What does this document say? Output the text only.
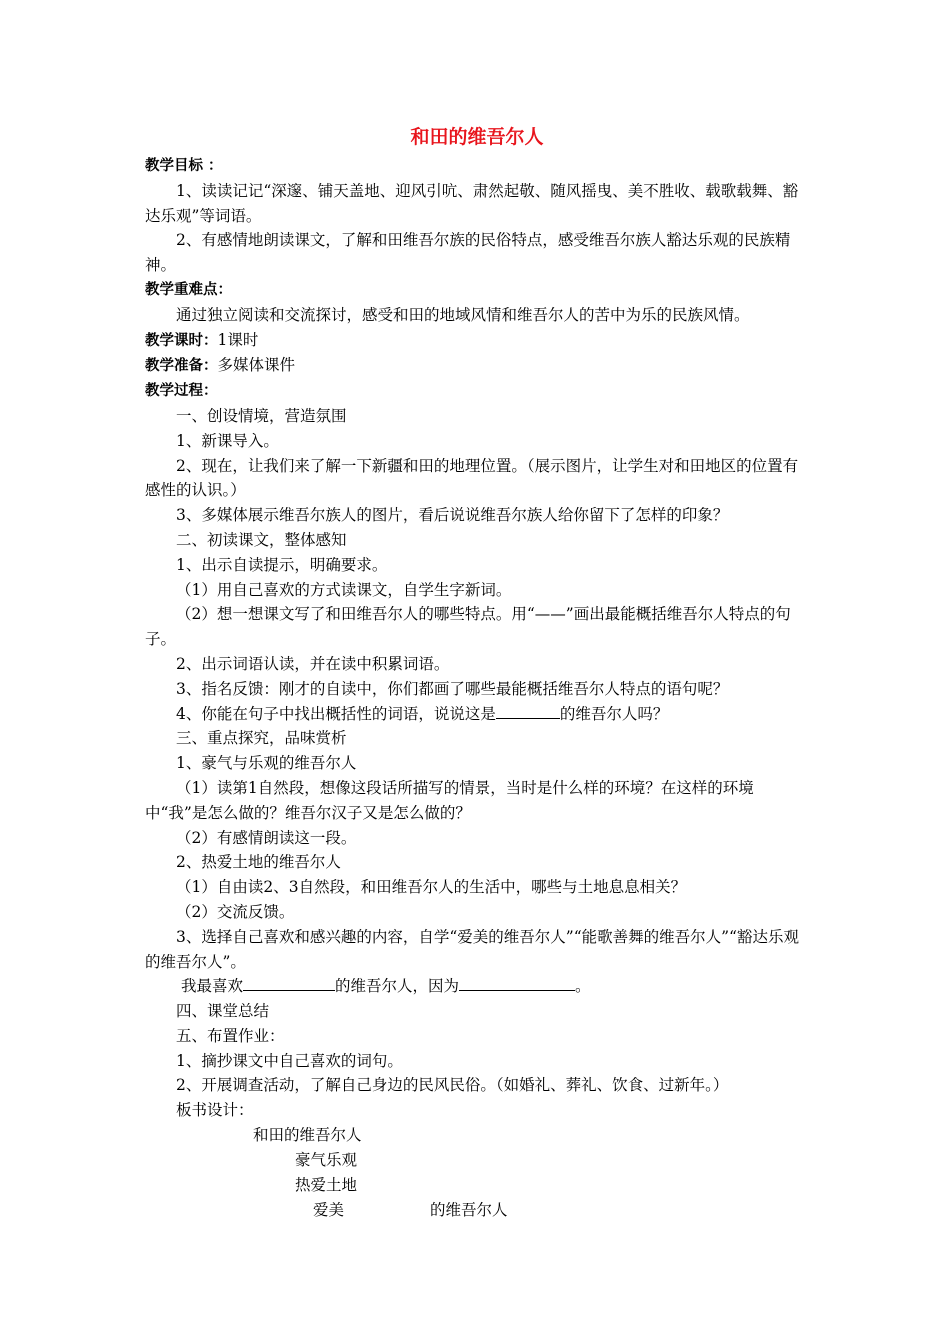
和田的维吾尔人

教学目标 ：

1、读读记记“深邃、铺天盖地、迎风引吭、肃然起敬、随风摇曳、美不胜收、载歌载舞、豁达乐观”等词语。

2、有感情地朗读课文，了解和田维吾尔族的民俗特点，感受维吾尔族人豁达乐观的民族精神。

教学重难点：

通过独立阅读和交流探讨，感受和田的地域风情和维吾尔人的苦中为乐的民族风情。

教学课时：1课时

教学准备：多媒体课件

教学过程：

一、创设情境，营造氛围

1、新课导入。

2、现在，让我们来了解一下新疆和田的地理位置。（展示图片，让学生对和田地区的位置有感性的认识。）

3、多媒体展示维吾尔族人的图片，看后说说维吾尔族人给你留下了怎样的印象？

二、初读课文，整体感知

1、出示自读提示，明确要求。

（1）用自己喜欢的方式读课文，自学生字新词。

（2）想一想课文写了和田维吾尔人的哪些特点。用“——”画出最能概括维吾尔人特点的句子。

2、出示词语认读，并在读中积累词语。

3、指名反馈：刚才的自读中，你们都画了哪些最能概括维吾尔人特点的语句呢？

4、你能在句子中找出概括性的词语，说说这是	的维吾尔人吗？

三、重点探究，品味赏析

1、豪气与乐观的维吾尔人

（1）读第1自然段，想像这段话所描写的情景，当时是什么样的环境？在这样的环境中“我”是怎么做的？维吾尔汉子又是怎么做的？

（2）有感情朗读这一段。

2、热爱土地的维吾尔人

（1）自由读2、3自然段，和田维吾尔人的生活中，哪些与土地息息相关？

（2）交流反馈。

3、选择自己喜欢和感兴趣的内容，自学“爱美的维吾尔人”“能歌善舞的维吾尔人”“豁达乐观的维吾尔人”。

我最喜欢	的维吾尔人，因为	。

四、课堂总结

五、布置作业：

1、摘抄课文中自己喜欢的词句。

2、开展调查活动，了解自己身边的民风民俗。（如婚礼、葬礼、饮食、过新年。）

板书设计：

和田的维吾尔人
豪气乐观
热爱土地
爱美	的维吾尔人
